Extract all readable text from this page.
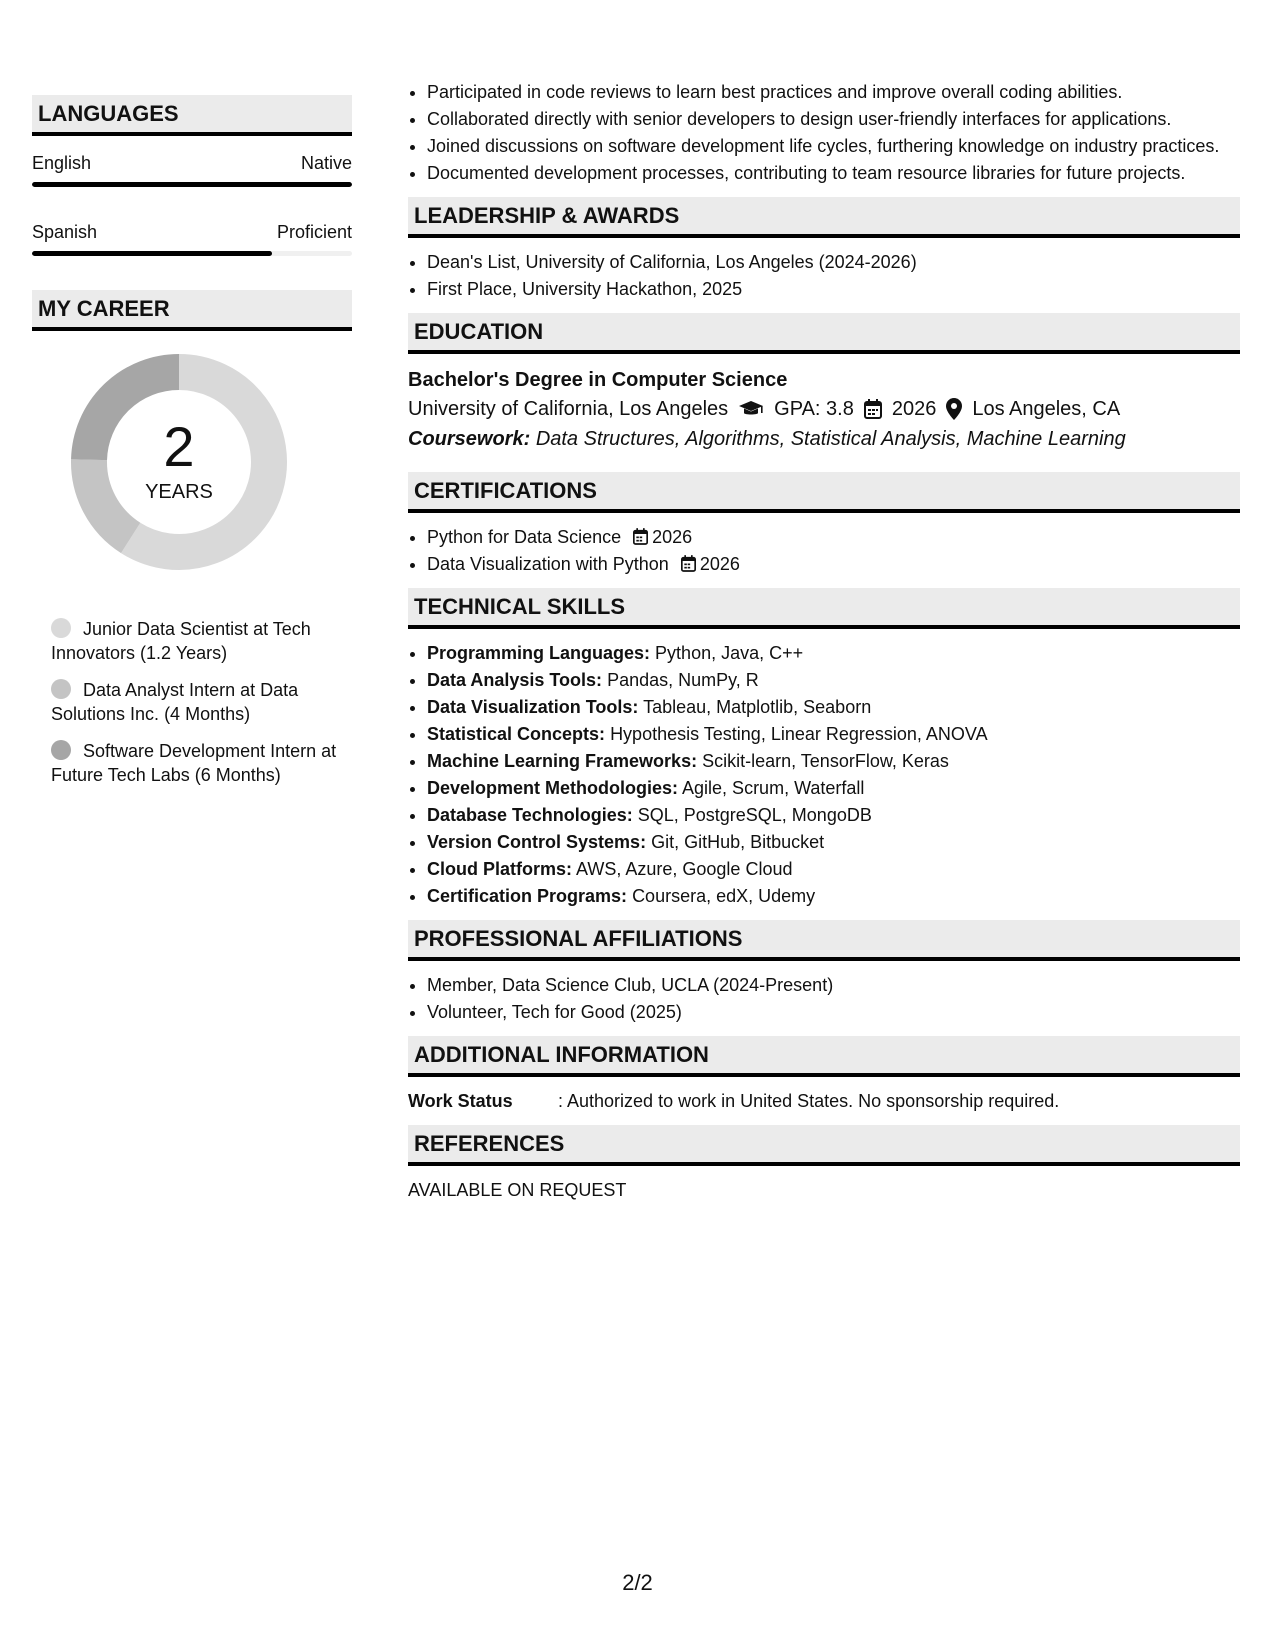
LANGUAGES
English	Native
Spanish	Proficient
MY CAREER
2
YEARS
Junior Data Scientist at Tech Innovators (1.2 Years)
Data Analyst Intern at Data Solutions Inc. (4 Months)
Software Development Intern at Future Tech Labs (6 Months)
• Participated in code reviews to learn best practices and improve overall coding abilities.
• Collaborated directly with senior developers to design user-friendly interfaces for applications.
• Joined discussions on software development life cycles, furthering knowledge on industry practices.
• Documented development processes, contributing to team resource libraries for future projects.
LEADERSHIP & AWARDS
• Dean's List, University of California, Los Angeles (2024-2026)
• First Place, University Hackathon, 2025
EDUCATION
Bachelor's Degree in Computer Science
University of California, Los Angeles GPA: 3.8 2026 Los Angeles, CA
Coursework: Data Structures, Algorithms, Statistical Analysis, Machine Learning
CERTIFICATIONS
• Python for Data Science 2026
• Data Visualization with Python 2026
TECHNICAL SKILLS
• Programming Languages: Python, Java, C++
• Data Analysis Tools: Pandas, NumPy, R
• Data Visualization Tools: Tableau, Matplotlib, Seaborn
• Statistical Concepts: Hypothesis Testing, Linear Regression, ANOVA
• Machine Learning Frameworks: Scikit-learn, TensorFlow, Keras
• Development Methodologies: Agile, Scrum, Waterfall
• Database Technologies: SQL, PostgreSQL, MongoDB
• Version Control Systems: Git, GitHub, Bitbucket
• Cloud Platforms: AWS, Azure, Google Cloud
• Certification Programs: Coursera, edX, Udemy
PROFESSIONAL AFFILIATIONS
• Member, Data Science Club, UCLA (2024-Present)
• Volunteer, Tech for Good (2025)
ADDITIONAL INFORMATION
Work Status	: Authorized to work in United States. No sponsorship required.
REFERENCES
AVAILABLE ON REQUEST
2/2
